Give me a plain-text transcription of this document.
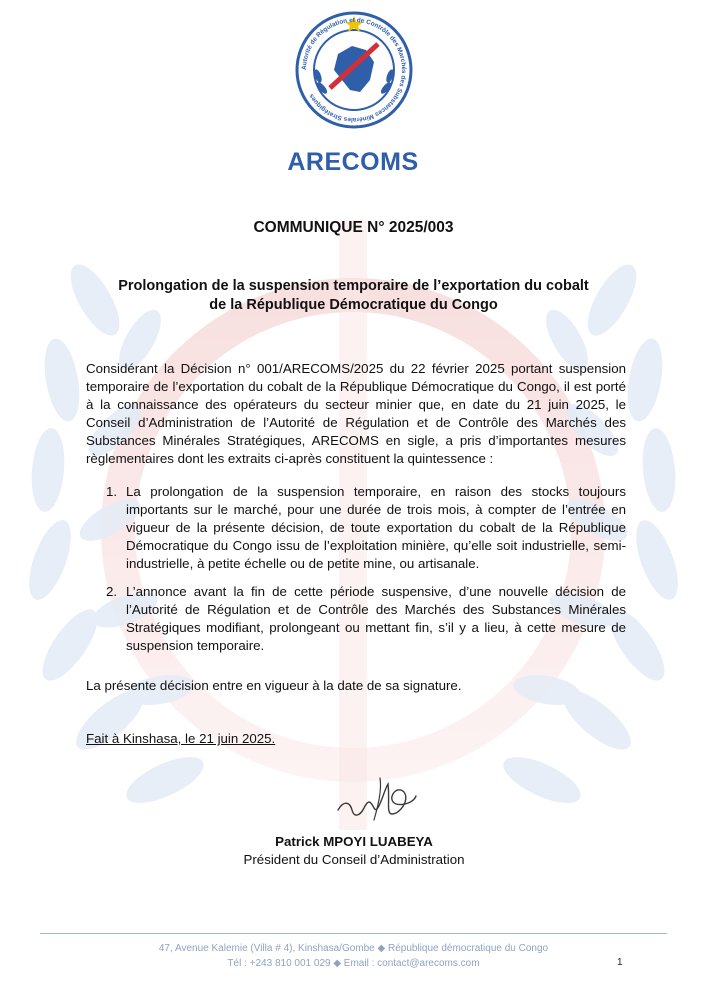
Autorité de Régulation et de Contrôle des Marchés des Substances Minérales Stratégiques
ARECOMS
COMMUNIQUE N° 2025/003
Prolongation de la suspension temporaire de l’exportation du cobalt
de la République Démocratique du Congo

Considérant la Décision n° 001/ARECOMS/2025 du 22 février 2025 portant suspension temporaire de l’exportation du cobalt de la République Démocratique du Congo, il est porté à la connaissance des opérateurs du secteur minier que, en date du 21 juin 2025, le Conseil d’Administration de l’Autorité de Régulation et de Contrôle des Marchés des Substances Minérales Stratégiques, ARECOMS en sigle, a pris d’importantes mesures règlementaires dont les extraits ci-après constituent la quintessence :

1. La prolongation de la suspension temporaire, en raison des stocks toujours importants sur le marché, pour une durée de trois mois, à compter de l’entrée en vigueur de la présente décision, de toute exportation du cobalt de la République Démocratique du Congo issu de l’exploitation minière, qu’elle soit industrielle, semi-industrielle, à petite échelle ou de petite mine, ou artisanale.
2. L’annonce avant la fin de cette période suspensive, d’une nouvelle décision de l’Autorité de Régulation et de Contrôle des Marchés des Substances Minérales Stratégiques modifiant, prolongeant ou mettant fin, s’il y a lieu, à cette mesure de suspension temporaire.
La présente décision entre en vigueur à la date de sa signature.
Fait à Kinshasa, le 21 juin 2025.
Patrick MPOYI LUABEYA
Président du Conseil d’Administration
47, Avenue Kalemie (Villa # 4), Kinshasa/Gombe ◆ République démocratique du Congo
Tél : +243 810 001 029 ◆ Email : contact@arecoms.com	1
